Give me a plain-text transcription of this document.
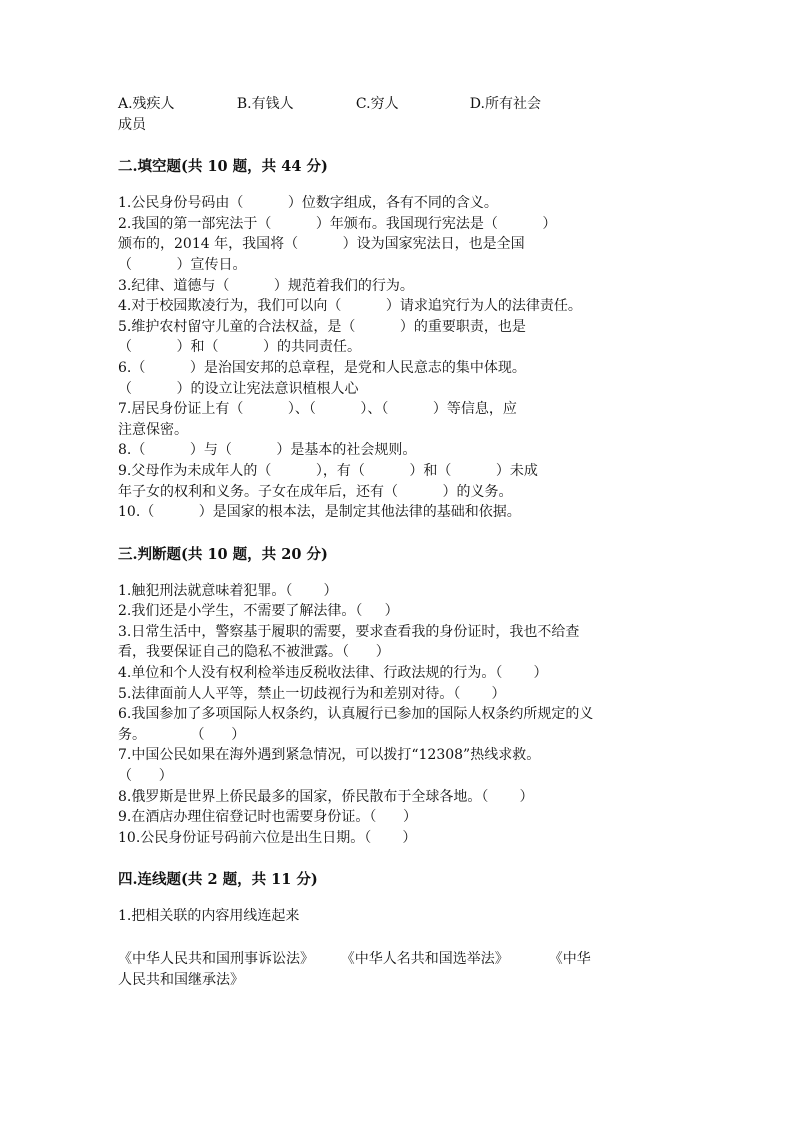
A.残疾人              B.有钱人              C.穷人                D.所有社会
成员
二.填空题(共 10 题，共 44 分)
1.公民身份号码由（          ）位数字组成，各有不同的含义。
2.我国的第一部宪法于（          ）年颁布。我国现行宪法是（          ）
颁布的，2014 年，我国将（          ）设为国家宪法日，也是全国
（          ）宣传日。
3.纪律、道德与（          ）规范着我们的行为。
4.对于校园欺凌行为，我们可以向（          ）请求追究行为人的法律责任。
5.维护农村留守儿童的合法权益，是（          ）的重要职责，也是
（          ）和（          ）的共同责任。
6.（          ）是治国安邦的总章程，是党和人民意志的集中体现。
（          ）的设立让宪法意识植根人心
7.居民身份证上有（          ）、（          ）、（          ）等信息，应
注意保密。
8.（          ）与（          ）是基本的社会规则。
9.父母作为未成年人的（          ），有（          ）和（          ）未成
年子女的权利和义务。子女在成年后，还有（          ）的义务。
10.（          ）是国家的根本法，是制定其他法律的基础和依据。
三.判断题(共 10 题，共 20 分)
1.触犯刑法就意味着犯罪。（       ）
2.我们还是小学生，不需要了解法律。（     ）
3.日常生活中，警察基于履职的需要，要求查看我的身份证时，我也不给查
看，我要保证自己的隐私不被泄露。（      ）
4.单位和个人没有权利检举违反税收法律、行政法规的行为。（       ）
5.法律面前人人平等，禁止一切歧视行为和差别对待。（       ）
6.我国参加了多项国际人权条约，认真履行已参加的国际人权条约所规定的义
务。          （      ）
7.中国公民如果在海外遇到紧急情况，可以拨打“12308”热线求救。
（      ）
8.俄罗斯是世界上侨民最多的国家，侨民散布于全球各地。（       ）
9.在酒店办理住宿登记时也需要身份证。（      ）
10.公民身份证号码前六位是出生日期。（       ）
四.连线题(共 2 题，共 11 分)
1.把相关联的内容用线连起来
《中华人民共和国刑事诉讼法》      《中华人名共和国选举法》         《中华
人民共和国继承法》
